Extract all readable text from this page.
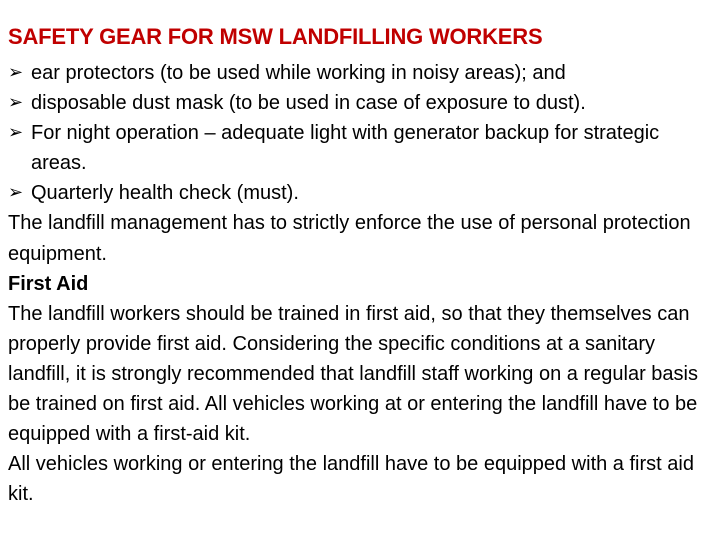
SAFETY GEAR FOR MSW LANDFILLING WORKERS
➢ ear protectors (to be used while working in noisy areas); and
➢ disposable dust mask (to be used in case of exposure to dust).
➢ For night operation – adequate light with generator backup for strategic areas.
➢ Quarterly health check (must).
The landfill management has to strictly enforce the use of personal protection equipment.
First Aid
The landfill workers should be trained in first aid, so that they themselves can properly provide first aid. Considering the specific conditions at a sanitary landfill, it is strongly recommended that landfill staff working on a regular basis be trained on first aid. All vehicles working at or entering the landfill have to be equipped with a first-aid kit.
All vehicles working or entering the landfill have to be equipped with a first aid kit.
